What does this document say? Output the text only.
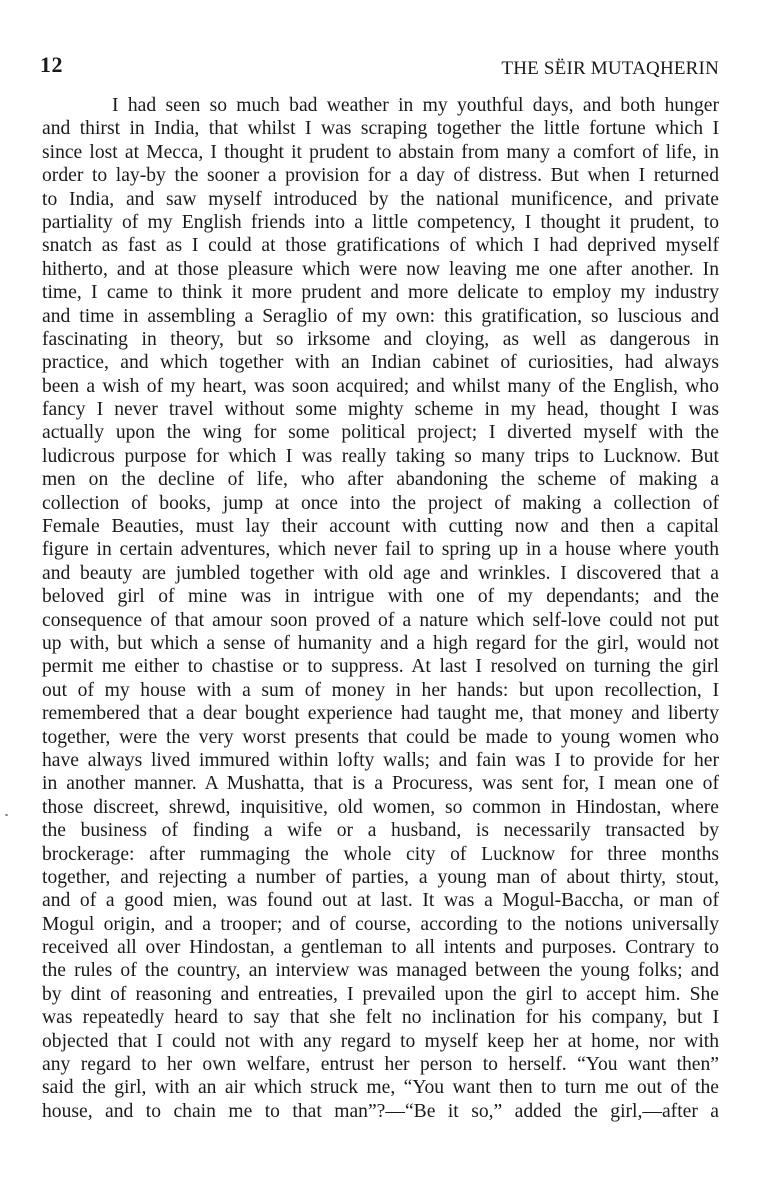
12	THE SËIR MUTAQHERIN
I had seen so much bad weather in my youthful days, and both hunger
and thirst in India, that whilst I was scraping together the little fortune which I
since lost at Mecca, I thought it prudent to abstain from many a comfort of life, in
order to lay-by the sooner a provision for a day of distress. But when I returned
to India, and saw myself introduced by the national munificence, and private
partiality of my English friends into a little competency, I thought it prudent, to
snatch as fast as I could at those gratifications of which I had deprived myself
hitherto, and at those pleasure which were now leaving me one after another. In
time, I came to think it more prudent and more delicate to employ my industry
and time in assembling a Seraglio of my own: this gratification, so luscious and
fascinating in theory, but so irksome and cloying, as well as dangerous in
practice, and which together with an Indian cabinet of curiosities, had always
been a wish of my heart, was soon acquired; and whilst many of the English, who
fancy I never travel without some mighty scheme in my head, thought I was
actually upon the wing for some political project; I diverted myself with the
ludicrous purpose for which I was really taking so many trips to Lucknow. But
men on the decline of life, who after abandoning the scheme of making a
collection of books, jump at once into the project of making a collection of
Female Beauties, must lay their account with cutting now and then a capital
figure in certain adventures, which never fail to spring up in a house where youth
and beauty are jumbled together with old age and wrinkles. I discovered that a
beloved girl of mine was in intrigue with one of my dependants; and the
consequence of that amour soon proved of a nature which self-love could not put
up with, but which a sense of humanity and a high regard for the girl, would not
permit me either to chastise or to suppress. At last I resolved on turning the girl
out of my house with a sum of money in her hands: but upon recollection, I
remembered that a dear bought experience had taught me, that money and liberty
together, were the very worst presents that could be made to young women who
have always lived immured within lofty walls; and fain was I to provide for her
in another manner. A Mushatta, that is a Procuress, was sent for, I mean one of
those discreet, shrewd, inquisitive, old women, so common in Hindostan, where
the business of finding a wife or a husband, is necessarily transacted by
brockerage: after rummaging the whole city of Lucknow for three months
together, and rejecting a number of parties, a young man of about thirty, stout,
and of a good mien, was found out at last. It was a Mogul-Baccha, or man of
Mogul origin, and a trooper; and of course, according to the notions universally
received all over Hindostan, a gentleman to all intents and purposes. Contrary to
the rules of the country, an interview was managed between the young folks; and
by dint of reasoning and entreaties, I prevailed upon the girl to accept him. She
was repeatedly heard to say that she felt no inclination for his company, but I
objected that I could not with any regard to myself keep her at home, nor with
any regard to her own welfare, entrust her person to herself. “You want then”
said the girl, with an air which struck me, “You want then to turn me out of the
house, and to chain me to that man”?—“Be it so,” added the girl,—after a
